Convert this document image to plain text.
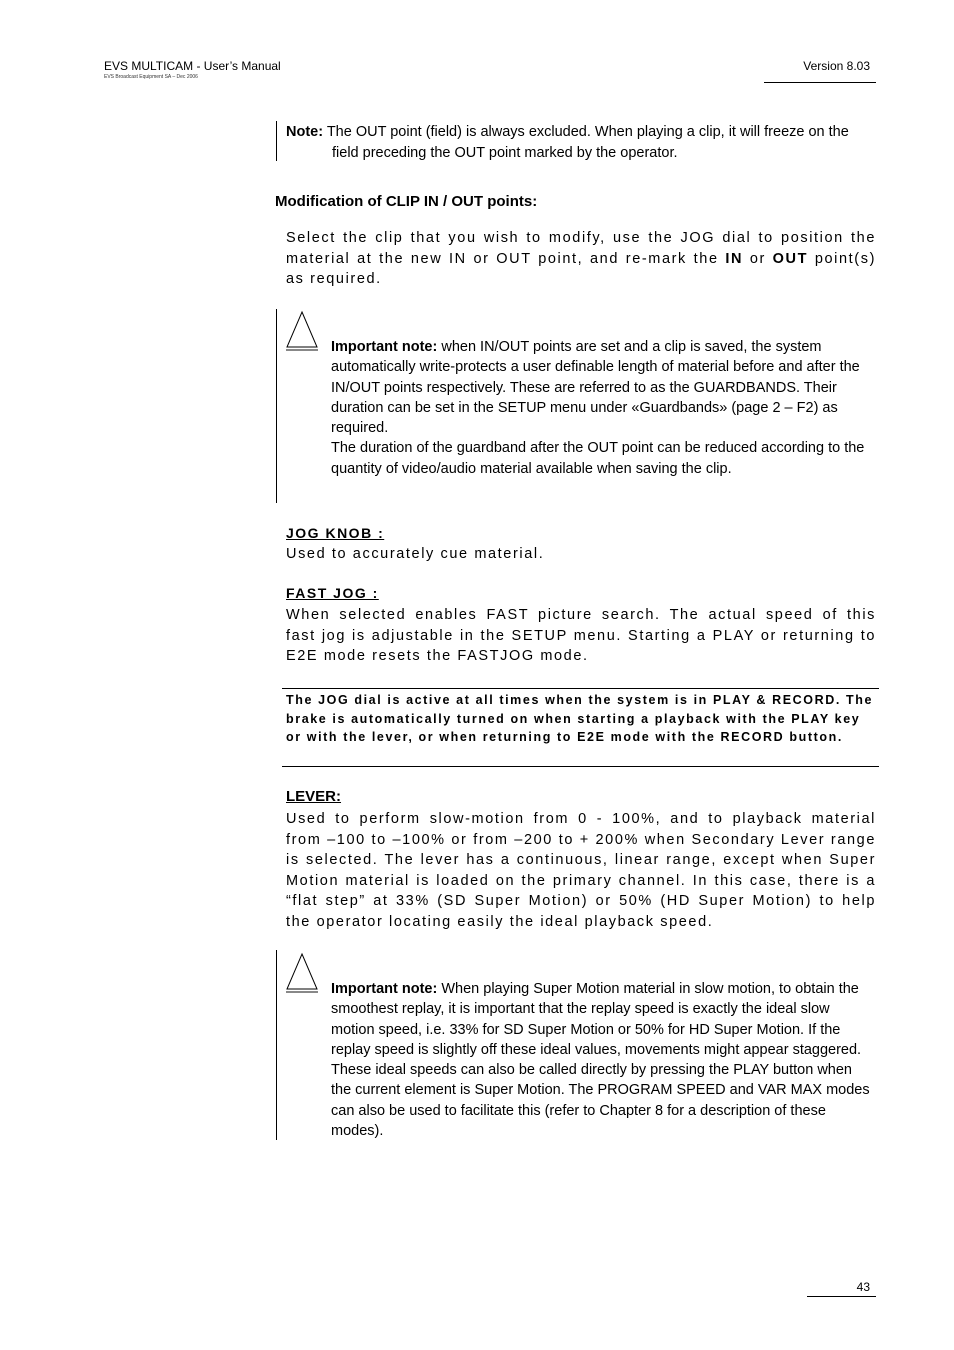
EVS MULTICAM - User’s Manual
EVS Broadcast Equipment SA – Dec 2006
Version 8.03
Note: The OUT point (field) is always excluded. When playing a clip, it will freeze on the
field preceding the OUT point marked by the operator.
Modification of CLIP IN / OUT points:
Select the clip that you wish to modify, use the JOG dial to position the material at the new IN or OUT point, and re-mark the IN or OUT point(s) as required.
Important note: when IN/OUT points are set and a clip is saved, the system automatically write-protects a user definable length of material before and after the IN/OUT points respectively. These are referred to as the GUARDBANDS. Their duration can be set in the SETUP menu under «Guardbands» (page 2 – F2) as required.
The duration of the guardband after the OUT point can be reduced according to the quantity of video/audio material available when saving the clip.
JOG KNOB :
Used to accurately cue material.
FAST JOG :
When selected enables FAST picture search. The actual speed of this fast jog is adjustable in the SETUP menu. Starting a PLAY or returning to E2E mode resets the FASTJOG mode.
The JOG dial is active at all times when the system is in PLAY & RECORD. The brake is automatically turned on when starting a playback with the PLAY key or with the lever, or when returning to E2E mode with the RECORD button.
LEVER:
Used to perform slow-motion from 0 - 100%, and to playback material from –100 to –100% or from –200 to + 200% when Secondary Lever range is selected. The lever has a continuous, linear range, except when Super Motion material is loaded on the primary channel. In this case, there is a “flat step” at 33% (SD Super Motion) or 50% (HD Super Motion) to help the operator locating easily the ideal playback speed.
Important note: When playing Super Motion material in slow motion, to obtain the smoothest replay, it is important that the replay speed is exactly the ideal slow motion speed, i.e. 33% for SD Super Motion or 50% for HD Super Motion. If the replay speed is slightly off these ideal values, movements might appear staggered. These ideal speeds can also be called directly by pressing the PLAY button when the current element is Super Motion. The PROGRAM SPEED and VAR MAX modes can also be used to facilitate this (refer to Chapter 8 for a description of these modes).
43
